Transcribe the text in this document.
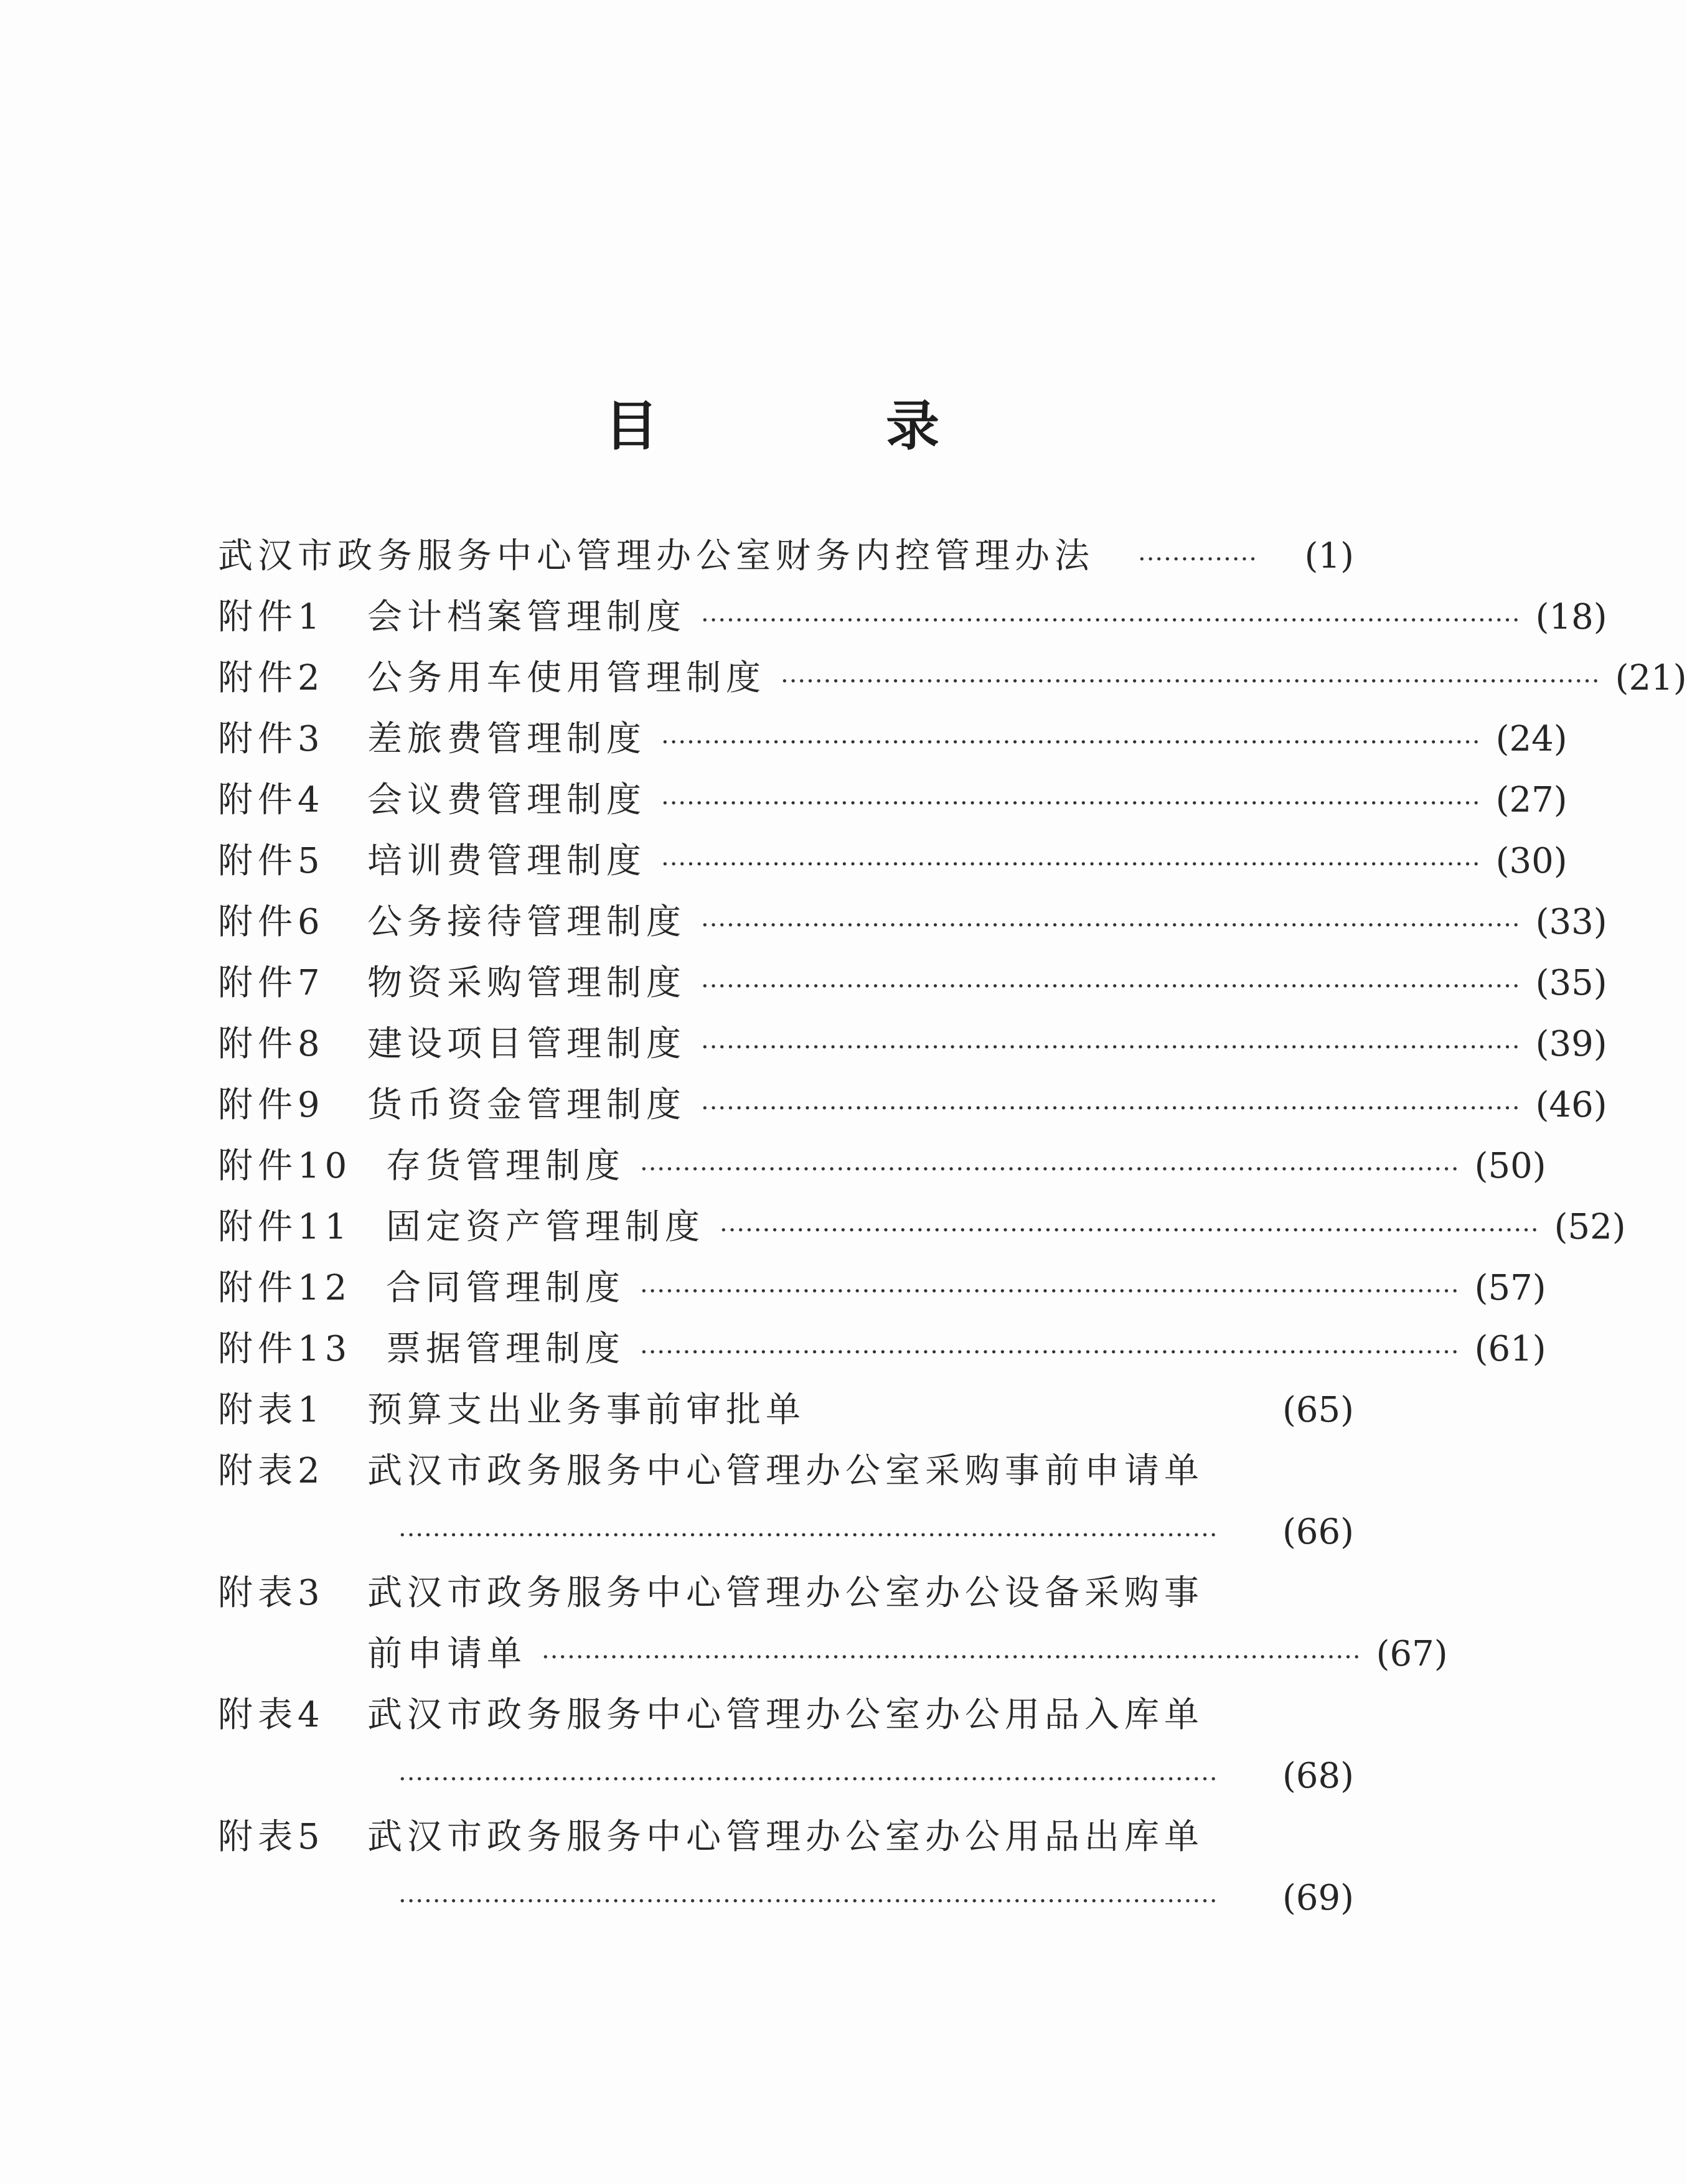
目　录
武汉市政务服务中心管理办公室财务内控管理办法 ··············	(1)
附件1	会计档案管理制度 ································································································ (18)
附件2	公务用车使用管理制度 ································································································ (21)
附件3	差旅费管理制度 ································································································ (24)
附件4	会议费管理制度 ································································································ (27)
附件5	培训费管理制度 ································································································ (30)
附件6	公务接待管理制度 ································································································ (33)
附件7	物资采购管理制度 ································································································ (35)
附件8	建设项目管理制度 ································································································ (39)
附件9	货币资金管理制度 ································································································ (46)
附件10 存货管理制度 ································································································ (50)
附件11 固定资产管理制度 ································································································ (52)
附件12 合同管理制度 ································································································ (57)
附件13 票据管理制度 ································································································ (61)
附表1	预算支出业务事前审批单	(65)
附表2	武汉市政务服务中心管理办公室采购事前申请单
································································································	(66)
附表3	武汉市政务服务中心管理办公室办公设备采购事
前申请单 ································································································ (67)
附表4	武汉市政务服务中心管理办公室办公用品入库单
································································································	(68)
附表5	武汉市政务服务中心管理办公室办公用品出库单
································································································	(69)
